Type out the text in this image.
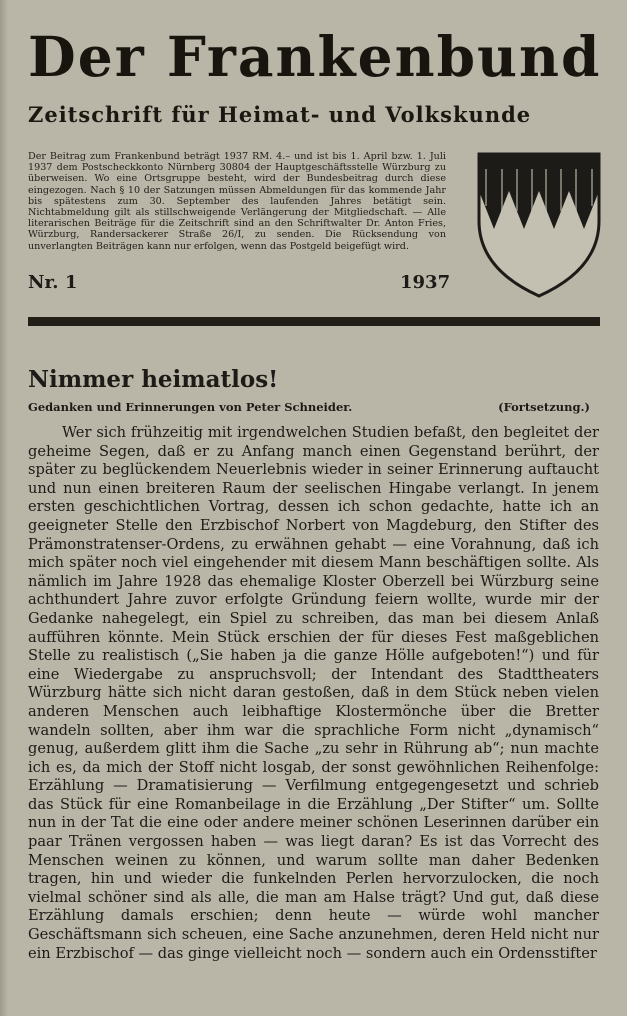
Der Frankenbund
Zeitschrift für Heimat- und Volkskunde
Der Beitrag zum Frankenbund beträgt 1937 RM. 4.– und ist bis 1. April bzw. 1. Juli 1937 dem Postscheckkonto Nürnberg 30804 der Hauptgeschäftsstelle Würzburg zu überweisen. Wo eine Ortsgruppe besteht, wird der Bundesbeitrag durch diese eingezogen. Nach § 10 der Satzungen müssen Abmeldungen für das kommende Jahr bis spätestens zum 30. September des laufenden Jahres betätigt sein. Nichtabmeldung gilt als stillschweigende Verlängerung der Mitgliedschaft. — Alle literarischen Beiträge für die Zeitschrift sind an den Schriftwalter Dr. Anton Fries, Würzburg, Randersackerer Straße 26/I, zu senden. Die Rücksendung von unverlangten Beiträgen kann nur erfolgen, wenn das Postgeld beigefügt wird.
Nr. 1	1937
Nimmer heimatlos!
Gedanken und Erinnerungen von Peter Schneider.	(Fortsetzung.)
Wer sich frühzeitig mit irgendwelchen Studien befaßt, den begleitet der geheime Segen, daß er zu Anfang manch einen Gegenstand berührt, der später zu beglückendem Neuerlebnis wieder in seiner Erinnerung auftaucht und nun einen breiteren Raum der seelischen Hingabe verlangt. In jenem ersten geschichtlichen Vortrag, dessen ich schon gedachte, hatte ich an geeigneter Stelle den Erzbischof Norbert von Magdeburg, den Stifter des Prämonstratenser-Ordens, zu erwähnen gehabt — eine Vorahnung, daß ich mich später noch viel eingehender mit diesem Mann beschäftigen sollte. Als nämlich im Jahre 1928 das ehemalige Kloster Oberzell bei Würzburg seine achthundert Jahre zuvor erfolgte Gründung feiern wollte, wurde mir der Gedanke nahegelegt, ein Spiel zu schreiben, das man bei diesem Anlaß aufführen könnte. Mein Stück erschien der für dieses Fest maßgeblichen Stelle zu realistisch („Sie haben ja die ganze Hölle aufgeboten!“) und für eine Wiedergabe zu anspruchsvoll; der Intendant des Stadttheaters Würzburg hätte sich nicht daran gestoßen, daß in dem Stück neben vielen anderen Menschen auch leibhaftige Klostermönche über die Bretter wandeln sollten, aber ihm war die sprachliche Form nicht „dynamisch“ genug, außerdem glitt ihm die Sache „zu sehr in Rührung ab“; nun machte ich es, da mich der Stoff nicht losgab, der sonst gewöhnlichen Reihenfolge: Erzählung — Dramatisierung — Verfilmung entgegengesetzt und schrieb das Stück für eine Romanbeilage in die Erzählung „Der Stifter“ um. Sollte nun in der Tat die eine oder andere meiner schönen Leserinnen darüber ein paar Tränen vergossen haben — was liegt daran? Es ist das Vorrecht des Menschen weinen zu können, und warum sollte man daher Bedenken tragen, hin und wieder die funkelnden Perlen hervorzulocken, die noch vielmal schöner sind als alle, die man am Halse trägt? Und gut, daß diese Erzählung damals erschien; denn heute — würde wohl mancher Geschäftsmann sich scheuen, eine Sache anzunehmen, deren Held nicht nur ein Erzbischof — das ginge vielleicht noch — sondern auch ein Ordensstifter
